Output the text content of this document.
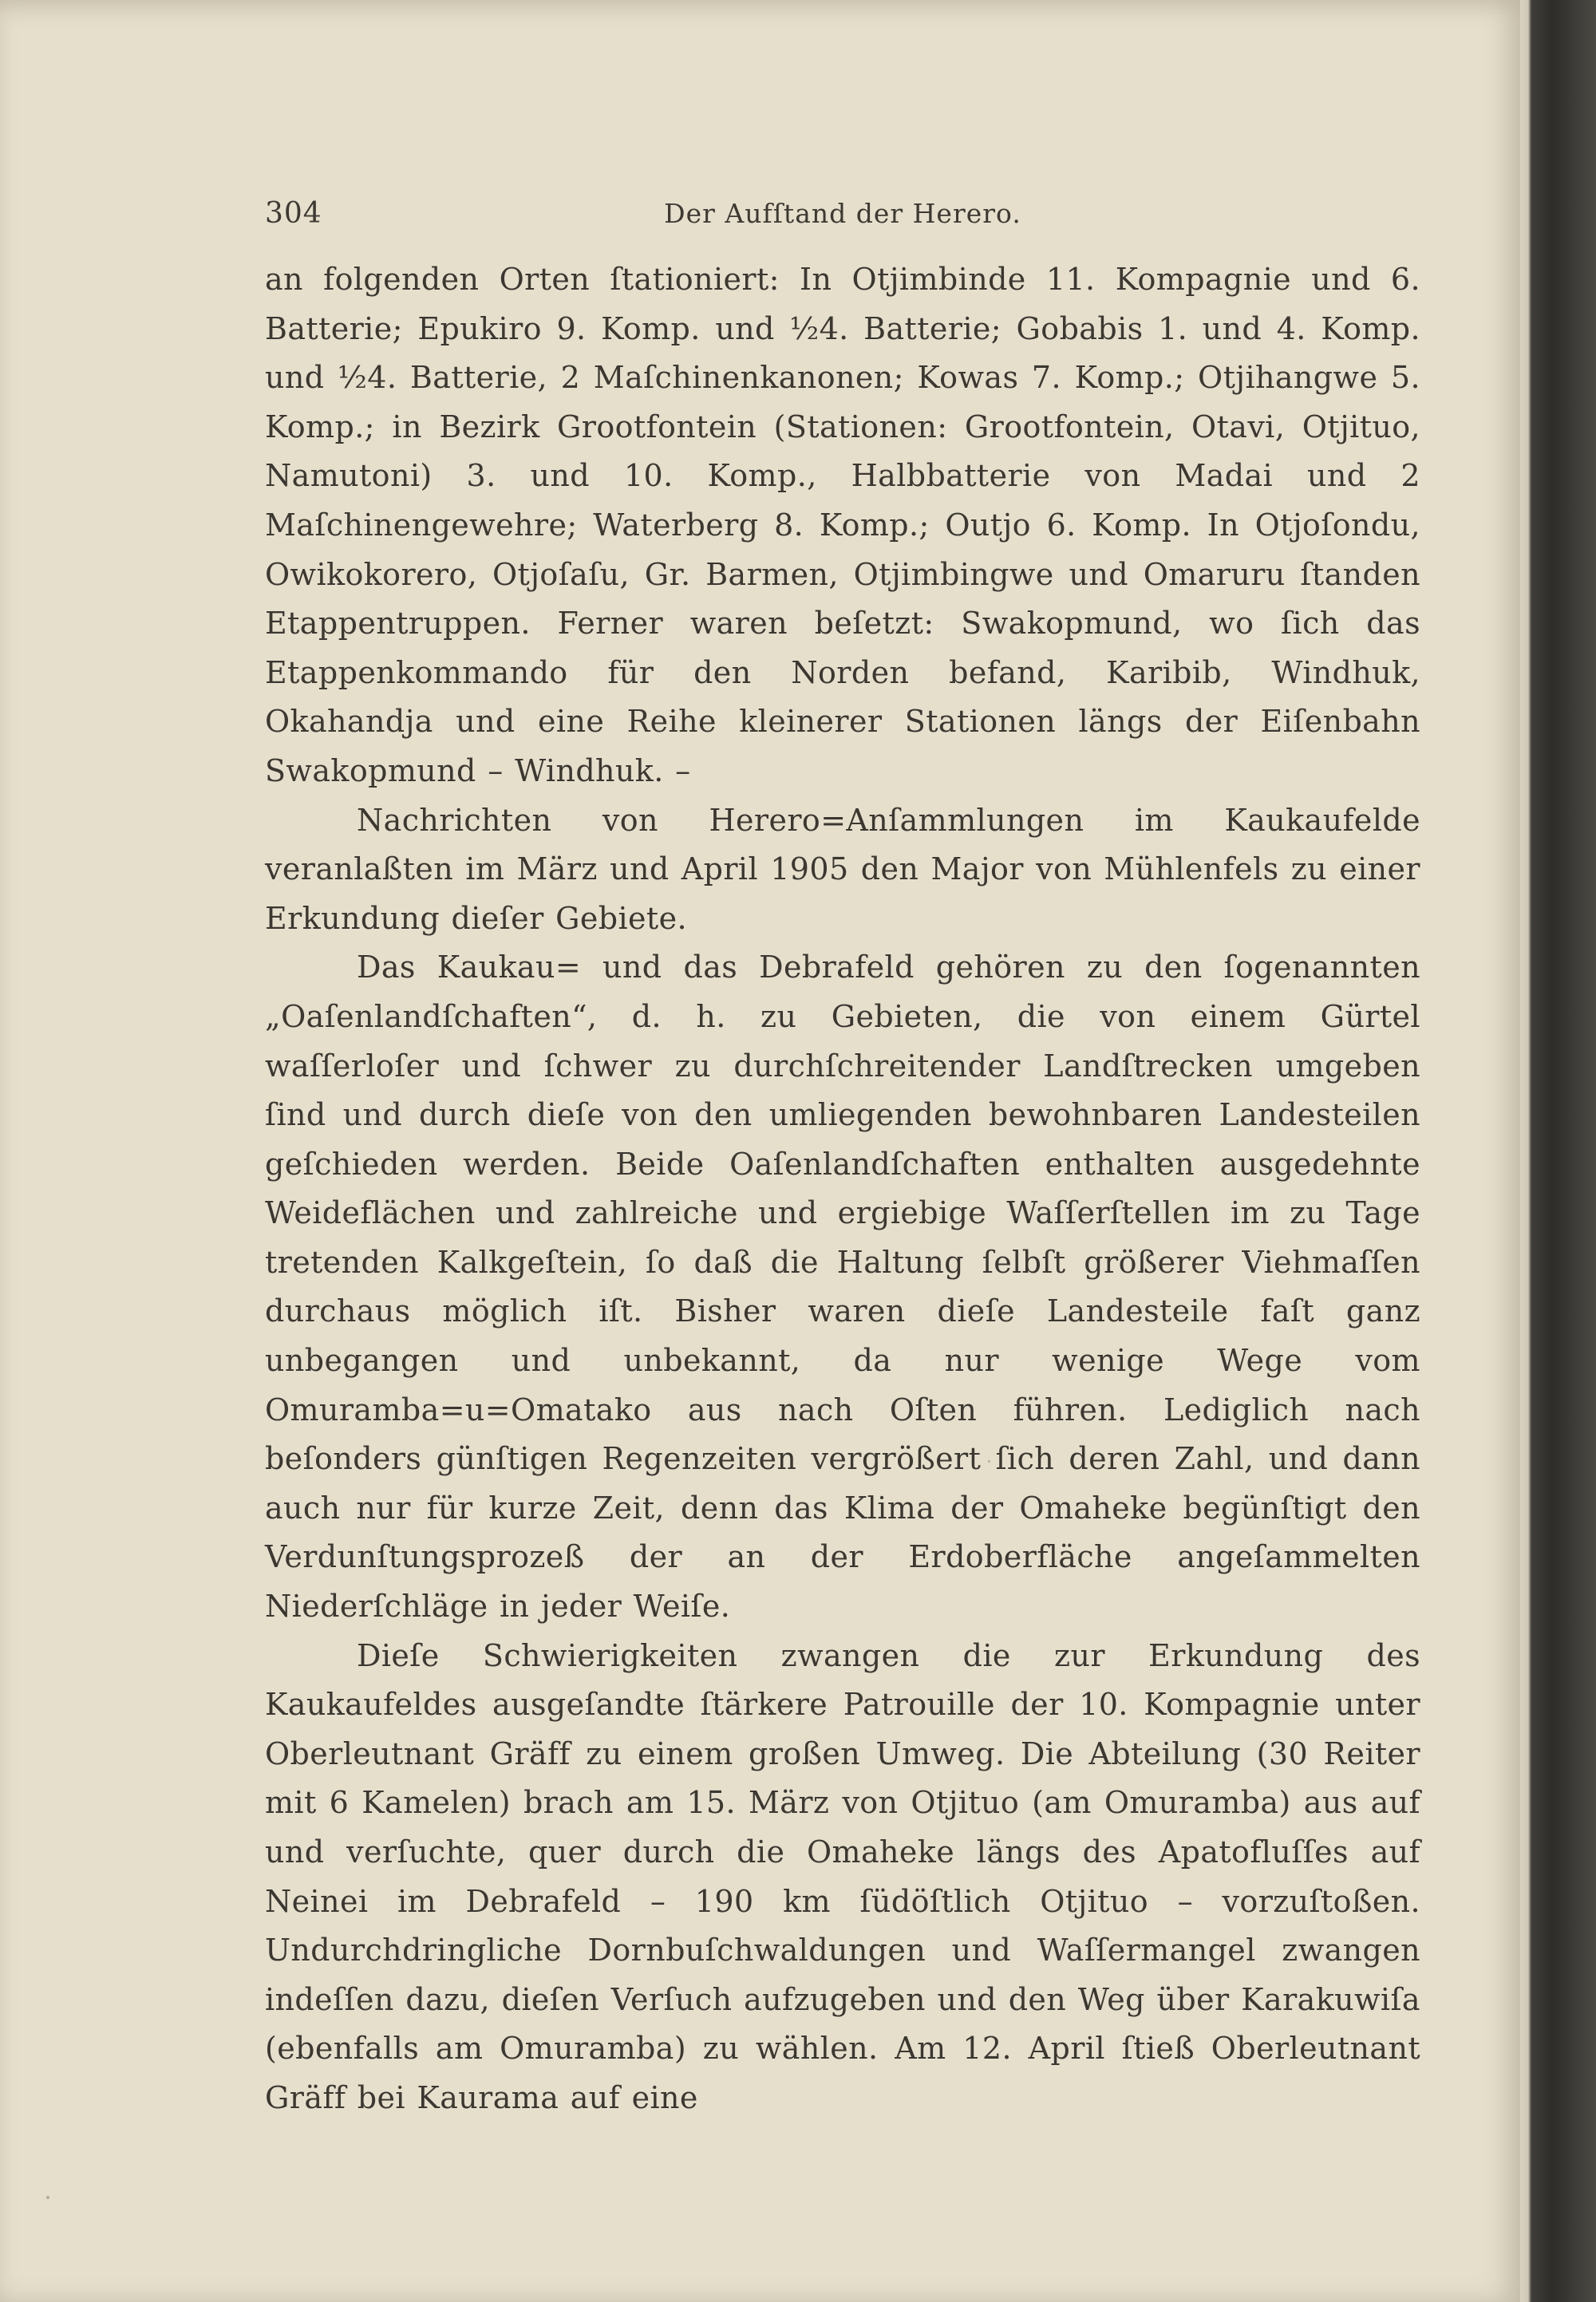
304	Der Aufſtand der Herero.

an folgenden Orten ſtationiert: In Otjimbinde 11. Kompagnie und 6. Batterie; Epukiro 9. Komp. und ½4. Batterie; Gobabis 1. und 4. Komp. und ½4. Batterie, 2 Maſchinenkanonen; Kowas 7. Komp.; Otjihangwe 5. Komp.; in Bezirk Grootfontein (Stationen: Grootfontein, Otavi, Otjituo, Namutoni) 3. und 10. Komp., Halbbatterie von Madai und 2 Maſchinengewehre; Waterberg 8. Komp.; Outjo 6. Komp. In Otjoſondu, Owikokorero, Otjoſaſu, Gr. Barmen, Otjimbingwe und Omaruru ſtanden Etappentruppen. Ferner waren beſetzt: Swakopmund, wo ſich das Etappenkommando für den Norden befand, Karibib, Windhuk, Okahandja und eine Reihe kleinerer Stationen längs der Eiſenbahn Swakopmund – Windhuk. –

Nachrichten von Herero=Anſammlungen im Kaukaufelde veranlaßten im März und April 1905 den Major von Mühlenfels zu einer Erkundung dieſer Gebiete.

Das Kaukau= und das Debrafeld gehören zu den ſogenannten „Oaſenlandſchaften“, d. h. zu Gebieten, die von einem Gürtel waſſerloſer und ſchwer zu durchſchreitender Landſtrecken umgeben ſind und durch dieſe von den umliegenden bewohnbaren Landesteilen geſchieden werden. Beide Oaſenlandſchaften enthalten ausgedehnte Weideflächen und zahlreiche und ergiebige Waſſerſtellen im zu Tage tretenden Kalkgeſtein, ſo daß die Haltung ſelbſt größerer Viehmaſſen durchaus möglich iſt. Bisher waren dieſe Landesteile faſt ganz unbegangen und unbekannt, da nur wenige Wege vom Omuramba=u=Omatako aus nach Oſten führen. Lediglich nach beſonders günſtigen Regenzeiten vergrößert ſich deren Zahl, und dann auch nur für kurze Zeit, denn das Klima der Omaheke begünſtigt den Verdunſtungsprozeß der an der Erdoberfläche angeſammelten Niederſchläge in jeder Weiſe.

Dieſe Schwierigkeiten zwangen die zur Erkundung des Kaukaufeldes ausgeſandte ſtärkere Patrouille der 10. Kompagnie unter Oberleutnant Gräff zu einem großen Umweg. Die Abteilung (30 Reiter mit 6 Kamelen) brach am 15. März von Otjituo (am Omuramba) aus auf und verſuchte, quer durch die Omaheke längs des Apatofluſſes auf Neinei im Debrafeld – 190 km ſüdöſtlich Otjituo – vorzuſtoßen. Undurchdringliche Dornbuſchwaldungen und Waſſermangel zwangen indeſſen dazu, dieſen Verſuch aufzugeben und den Weg über Karakuwiſa (ebenfalls am Omuramba) zu wählen. Am 12. April ſtieß Oberleutnant Gräff bei Kaurama auf eine
